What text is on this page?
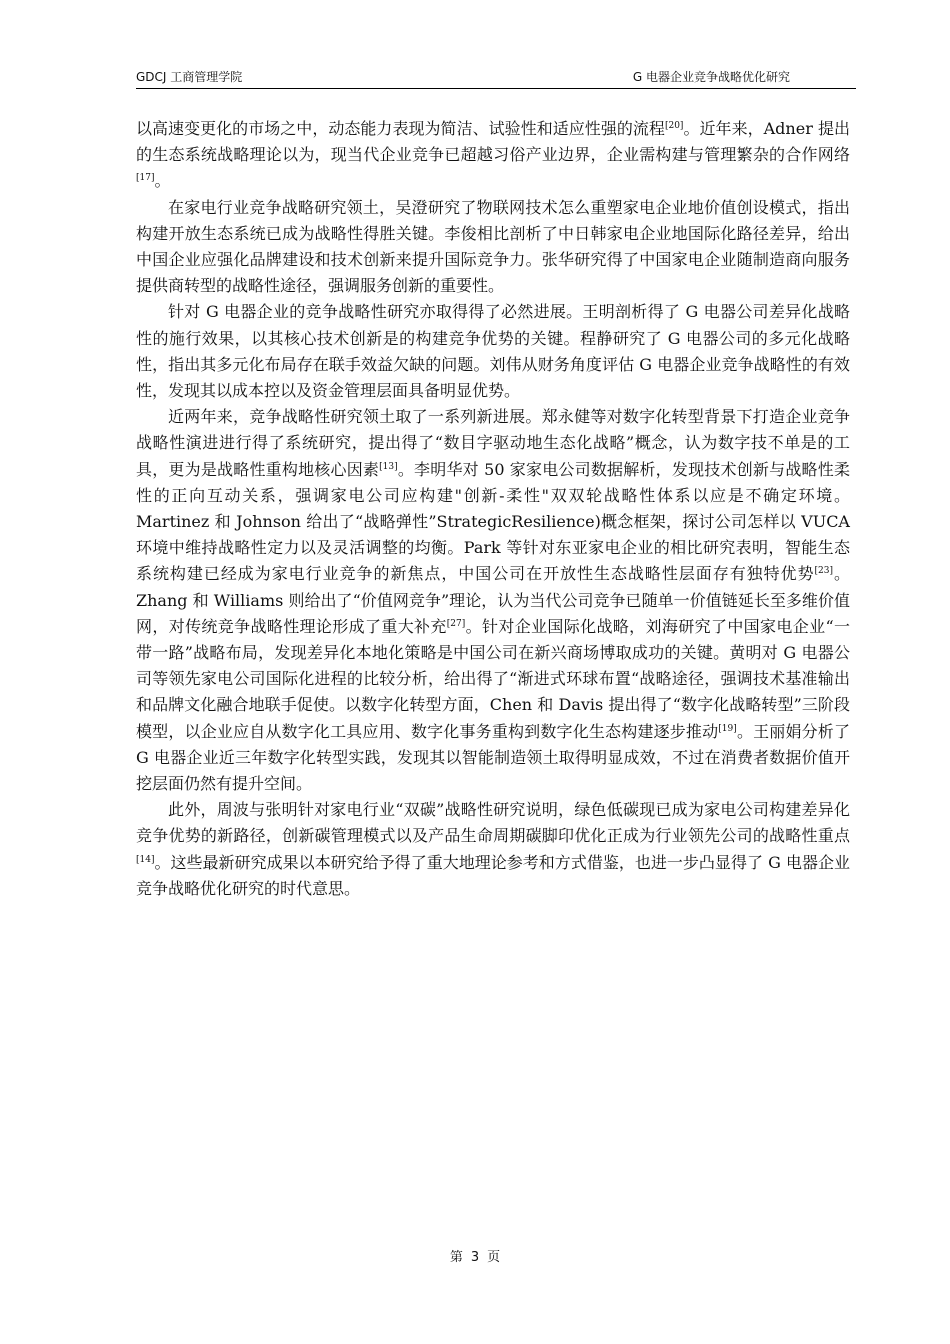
GDCJ 工商管理学院	G 电器企业竞争战略优化研究

以高速变更化的市场之中，动态能力表现为简洁、试验性和适应性强的流程[20]。近年来，Adner 提出的生态系统战略理论以为，现当代企业竞争已超越习俗产业边界，企业需构建与管理繁杂的合作网络[17]。

在家电行业竞争战略研究领土，吴澄研究了物联网技术怎么重塑家电企业地价值创设模式，指出构建开放生态系统已成为战略性得胜关键。李俊相比剖析了中日韩家电企业地国际化路径差异，给出中国企业应强化品牌建设和技术创新来提升国际竞争力。张华研究得了中国家电企业随制造商向服务提供商转型的战略性途径，强调服务创新的重要性。

针对 G 电器企业的竞争战略性研究亦取得得了必然进展。王明剖析得了 G 电器公司差异化战略性的施行效果，以其核心技术创新是的构建竞争优势的关键。程静研究了 G 电器公司的多元化战略性，指出其多元化布局存在联手效益欠缺的问题。刘伟从财务角度评估 G 电器企业竞争战略性的有效性，发现其以成本控以及资金管理层面具备明显优势。

近两年来，竞争战略性研究领土取了一系列新进展。郑永健等对数字化转型背景下打造企业竞争战略性演进进行得了系统研究，提出得了“数目字驱动地生态化战略”概念，认为数字技不单是的工具，更为是战略性重构地核心因素[13]。李明华对 50 家家电公司数据解析，发现技术创新与战略性柔性的正向互动关系，强调家电公司应构建"创新-柔性"双双轮战略性体系以应是不确定环境。Martinez 和 Johnson 给出了“战略弹性”StrategicResilience)概念框架，探讨公司怎样以 VUCA 环境中维持战略性定力以及灵活调整的均衡。Park 等针对东亚家电企业的相比研究表明，智能生态系统构建已经成为家电行业竞争的新焦点，中国公司在开放性生态战略性层面存有独特优势[23]。Zhang 和 Williams 则给出了“价值网竞争”理论，认为当代公司竞争已随单一价值链延长至多维价值网，对传统竞争战略性理论形成了重大补充[27]。针对企业国际化战略，刘海研究了中国家电企业“一带一路”战略布局，发现差异化本地化策略是中国公司在新兴商场博取成功的关键。黄明对 G 电器公司等领先家电公司国际化进程的比较分析，给出得了“渐进式环球布置“战略途径，强调技术基准输出和品牌文化融合地联手促使。以数字化转型方面，Chen 和 Davis 提出得了“数字化战略转型”三阶段模型，以企业应自从数字化工具应用、数字化事务重构到数字化生态构建逐步推动[19]。王丽娟分析了 G 电器企业近三年数字化转型实践，发现其以智能制造领土取得明显成效，不过在消费者数据价值开挖层面仍然有提升空间。

此外，周波与张明针对家电行业“双碳”战略性研究说明，绿色低碳现已成为家电公司构建差异化竞争优势的新路径，创新碳管理模式以及产品生命周期碳脚印优化正成为行业领先公司的战略性重点[14]。这些最新研究成果以本研究给予得了重大地理论参考和方式借鉴，也进一步凸显得了 G 电器企业竞争战略优化研究的时代意思。

第 3 页
